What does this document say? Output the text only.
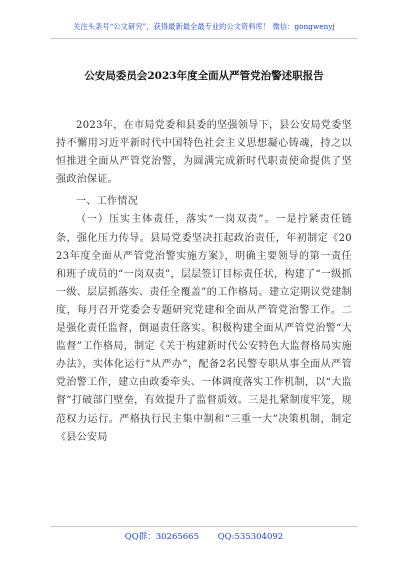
关注头条号“公文研究”，获得最新最全最专业的公文资料库！ 微信：gongwenyj
公安局委员会2023年度全面从严管党治警述职报告

2023年，在市局党委和县委的坚强领导下，县公安局党委坚持不懈用习近平新时代中国特色社会主义思想凝心铸魂，持之以恒推进全面从严管党治警，为圆满完成新时代职责使命提供了坚强政治保证。

一、工作情况

（一）压实主体责任，落实“一岗双责”。一是拧紧责任链条，强化压力传导。县局党委坚决扛起政治责任，年初制定《2023年度全面从严管党治警实施方案》，明确主要领导的第一责任和班子成员的“一岗双责”，层层签订目标责任状，构建了“一级抓一级、层层抓落实、责任全覆盖”的工作格局。建立定期议党建制度，每月召开党委会专题研究党建和全面从严管党治警工作。二是强化责任监督，倒逼责任落实。积极构建全面从严管党治警“大监督”工作格局，制定《关于构建新时代公安特色大监督格局实施办法》，实体化运行“从严办”，配备2名民警专职从事全面从严管党治警工作，建立由政委牵头、一体调度落实工作机制，以“大监督”打破部门壁垒，有效提升了监督质效。三是扎紧制度牢笼，规范权力运行。严格执行民主集中制和“三重一大”决策机制，制定《县公安局

QQ群：30265665 QQ:535304092
